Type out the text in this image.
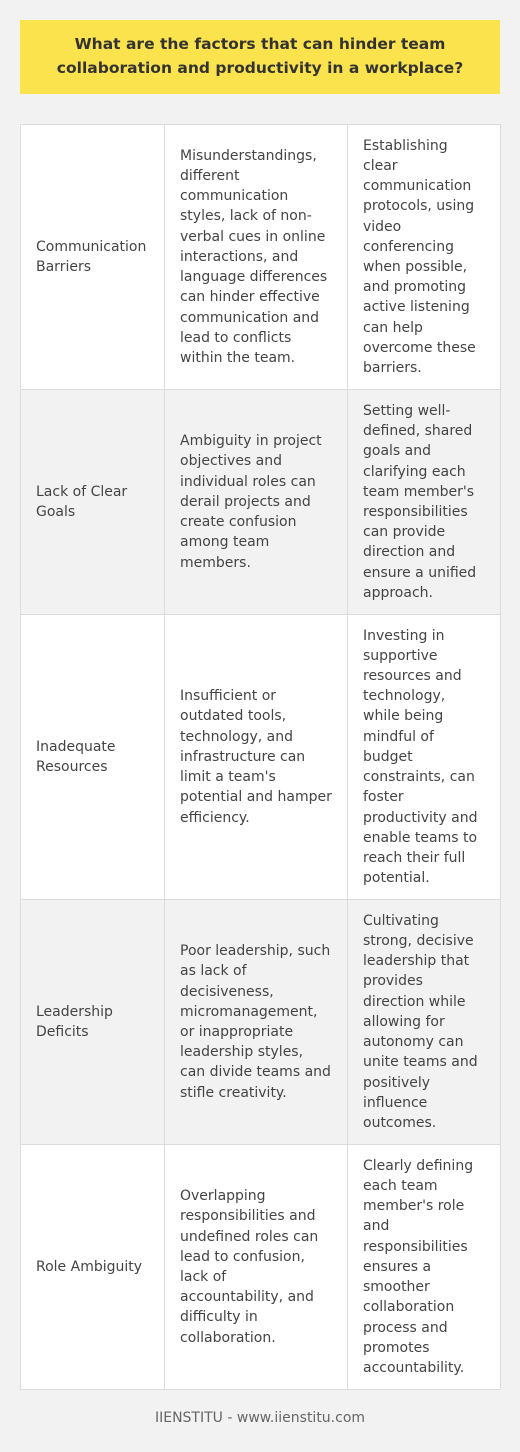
What are the factors that can hinder team collaboration and productivity in a workplace?
Communication Barriers	Misunderstandings, different communication styles, lack of non-verbal cues in online interactions, and language differences can hinder effective communication and lead to conflicts within the team.	Establishing clear communication protocols, using video conferencing when possible, and promoting active listening can help overcome these barriers.
Lack of Clear Goals	Ambiguity in project objectives and individual roles can derail projects and create confusion among team members.	Setting well-defined, shared goals and clarifying each team member's responsibilities can provide direction and ensure a unified approach.
Inadequate Resources	Insufficient or outdated tools, technology, and infrastructure can limit a team's potential and hamper efficiency.	Investing in supportive resources and technology, while being mindful of budget constraints, can foster productivity and enable teams to reach their full potential.
Leadership Deficits	Poor leadership, such as lack of decisiveness, micromanagement, or inappropriate leadership styles, can divide teams and stifle creativity.	Cultivating strong, decisive leadership that provides direction while allowing for autonomy can unite teams and positively influence outcomes.
Role Ambiguity	Overlapping responsibilities and undefined roles can lead to confusion, lack of accountability, and difficulty in collaboration.	Clearly defining each team member's role and responsibilities ensures a smoother collaboration process and promotes accountability.
IIENSTITU - www.iienstitu.com
